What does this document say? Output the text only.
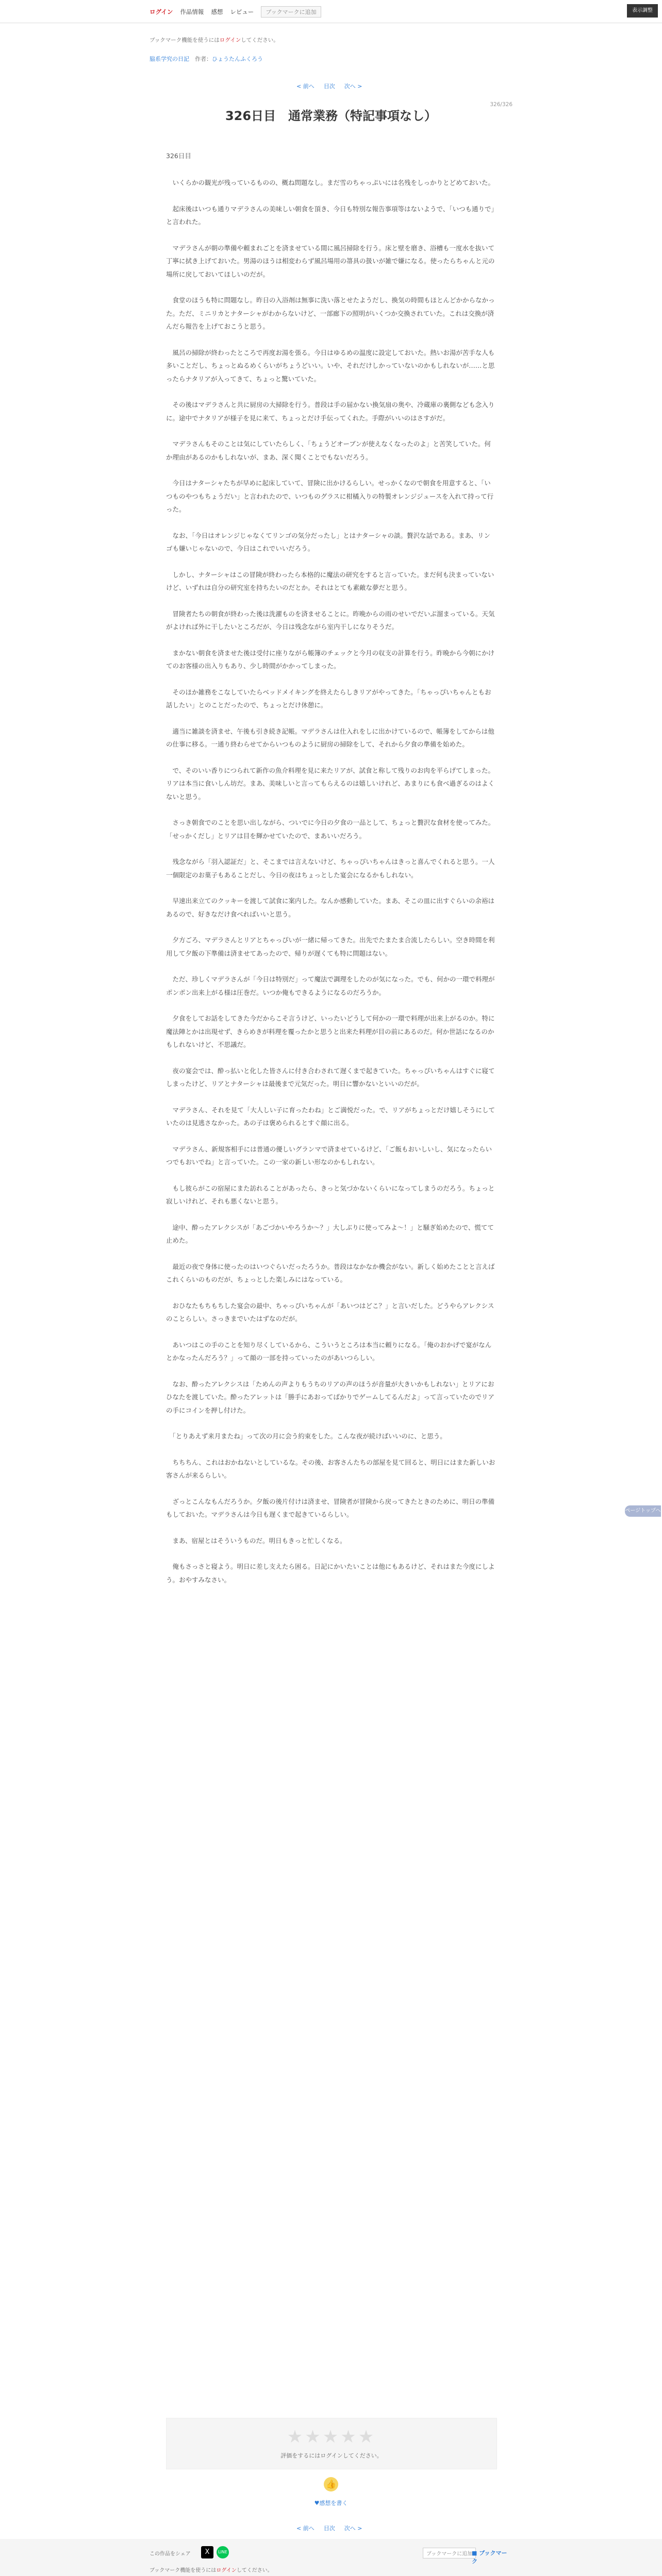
ログイン 作品情報 感想 レビュー	ブックマークに追加	表示調整
ブックマーク機能を使うにはログインしてください。
脇系学究の日記　 作者：ひょうたんふくろう
< 前へ 目次 次へ >
326/326
326日目　通常業務（特記事項なし）
326日目

　いくらかの観光が残っているものの、概ね問題なし。まだ雪のちゃっぷいには名残をしっかりとどめておいた。

　起床後はいつも通りマデラさんの美味しい朝食を頂き、今日も特別な報告事項等はないようで、「いつも通りで」と言われた。

　マデラさんが朝の準備や頼まれごとを済ませている間に風呂掃除を行う。床と壁を磨き、浴槽も一度水を抜いて丁寧に拭き上げておいた。男湯のほうは相変わらず風呂場用の箒具の扱いが雑で嫌になる。使ったらちゃんと元の場所に戻しておいてほしいのだが。

　食堂のほうも特に問題なし。昨日の入浴剤は無事に洗い落とせたようだし、換気の時間もほとんどかからなかった。ただ、ミニリカとナターシャがわからないけど、一部廊下の照明がいくつか交換されていた。これは交換が済んだら報告を上げておこうと思う。

　風呂の掃除が終わったところで再度お湯を張る。今日はゆるめの温度に設定しておいた。熱いお湯が苦手な人も多いことだし、ちょっとぬるめくらいがちょうどいい。いや、それだけしかっていないのかもしれないが……と思ったらナタリアが入ってきて、ちょっと驚いていた。

　その後はマデラさんと共に厨房の大掃除を行う。普段は手の届かない換気扇の奥や、冷蔵庫の裏側なども念入りに。途中でナタリアが様子を見に来て、ちょっとだけ手伝ってくれた。手際がいいのはさすがだ。

　マデラさんもそのことは気にしていたらしく、「ちょうどオーブンが使えなくなったのよ」と苦笑していた。何か理由があるのかもしれないが、まあ、深く聞くことでもないだろう。

　今日はナターシャたちが早めに起床していて、冒険に出かけるらしい。せっかくなので朝食を用意すると、「いつものやつもちょうだい」と言われたので、いつものグラスに柑橘入りの特製オレンジジュースを入れて持って行った。

　なお、「今日はオレンジじゃなくてリンゴの気分だったし」とはナターシャの談。贅沢な話である。まあ、リンゴも嫌いじゃないので、今日はこれでいいだろう。

　しかし、ナターシャはこの冒険が終わったら本格的に魔法の研究をすると言っていた。まだ何も決まっていないけど、いずれは自分の研究室を持ちたいのだとか。それはとても素敵な夢だと思う。

　冒険者たちの朝食が終わった後は洗濯ものを済ませることに。昨晩からの雨のせいでだいぶ溜まっている。天気がよければ外に干したいところだが、今日は残念ながら室内干しになりそうだ。

　まかない朝食を済ませた後は受付に座りながら帳簿のチェックと今月の収支の計算を行う。昨晩から今朝にかけてのお客様の出入りもあり、少し時間がかかってしまった。

　そのほか雑務をこなしていたらベッドメイキングを終えたらしきリアがやってきた。「ちゃっぴいちゃんともお話したい」とのことだったので、ちょっとだけ休憩に。

　適当に雑談を済ませ、午後も引き続き記帳。マデラさんは仕入れをしに出かけているので、帳簿をしてからは他の仕事に移る。一通り終わらせてからいつものように厨房の掃除をして、それから夕食の準備を始めた。

　で、そのいい香りにつられて新作の魚介料理を見に来たリアが、試食と称して残りのお肉を平らげてしまった。リアは本当に食いしん坊だ。まあ、美味しいと言ってもらえるのは嬉しいけれど、あまりにも食べ過ぎるのはよくないと思う。

　さっき朝食でのことを思い出しながら、ついでに今日の夕食の一品として、ちょっと贅沢な食材を使ってみた。「せっかくだし」とリアは目を輝かせていたので、まあいいだろう。

　残念ながら「羽入認証だ」と、そこまでは言えないけど、ちゃっぴいちゃんはきっと喜んでくれると思う。一人一個限定のお菓子もあることだし、今日の夜はちょっとした宴会になるかもしれない。

　早速出来立てのクッキーを渡して試食に案内した。なんか感動していた。まあ、そこの皿に出すぐらいの余裕はあるので、好きなだけ食べればいいと思う。

　夕方ごろ、マデラさんとリアとちゃっぴいが一緒に帰ってきた。出先でたまたま合流したらしい。空き時間を利用して夕飯の下準備は済ませてあったので、帰りが遅くても特に問題はない。

　ただ、珍しくマデラさんが「今日は特別だ」って魔法で調理をしたのが気になった。でも、何かの一環で料理がポンポン出来上がる様は圧巻だ。いつか俺もできるようになるのだろうか。

　夕食をしてお話をしてきた今だからこそ言うけど、いったいどうして何かの一環で料理が出来上がるのか。特に魔法陣とかは出現せず、きらめきが料理を覆ったかと思うと出来た料理が目の前にあるのだ。何か世話になるのかもしれないけど、不思議だ。

　夜の宴会では、酔っ払いと化した皆さんに付き合わされて遅くまで起きていた。ちゃっぴいちゃんはすぐに寝てしまったけど、リアとナターシャは最後まで元気だった。明日に響かないといいのだが。

　マデラさん、それを見て「大人しい子に育ったわね」とご満悦だった。で、リアがちょっとだけ嬉しそうにしていたのは見逃さなかった。あの子は褒められるとすぐ顔に出る。

　マデラさん、新規客相手には普通の優しいグランマで済ませているけど、「ご飯もおいしいし、気になったらいつでもおいでね」と言っていた。この一家の新しい形なのかもしれない。

　もし彼らがこの宿屋にまた訪れることがあったら、きっと気づかないくらいになってしまうのだろう。ちょっと寂しいけれど、それも悪くないと思う。

　途中、酔ったアレクシスが「あごづかいやろうか〜？」大しぶりに使ってみよ〜！」と騒ぎ始めたので、慌てて止めた。

　最近の夜で身体に使ったのはいつぐらいだったろうか。普段はなかなか機会がない。新しく始めたことと言えばこれくらいのものだが、ちょっとした楽しみにはなっている。

　おひなたもちもちした宴会の最中、ちゃっぴいちゃんが「あいつはどこ？」と言いだした。どうやらアレクシスのことらしい。さっきまでいたはずなのだが。

　あいつはこの手のことを知り尽くしているから、こういうところは本当に頼りになる。「俺のおかげで宴がなんとかなったんだろう？」って顔の一部を持っていったのがあいつらしい。

　なお、酔ったアレクシスは「ためんの声よりもうちのリアの声のほうが音量が大きいかもしれない」とリアにおひなたを渡していた。酔ったアレットは「勝手にあおってばかりでゲームしてるんだよ」って言っていたのでリアの手にコインを押し付けた。

　「とりあえず来月またね」って次の月に会う約束をした。こんな夜が続けばいいのに、と思う。

　ちちちん、これはおかねないとしているな。その後、お客さんたちの部屋を見て回ると、明日にはまた新しいお客さんが来るらしい。

　ざっとこんなもんだろうか。夕飯の後片付けは済ませ、冒険者が冒険から戻ってきたときのために、明日の準備もしておいた。マデラさんは今日も遅くまで起きているらしい。

　まあ、宿屋とはそういうものだ。明日もきっと忙しくなる。

　俺もさっさと寝よう。明日に差し支えたら困る。日記にかいたいことは他にもあるけど、それはまた今度にしよう。おやすみなさい。

ページトップへ
★★★★★
評価をするにはログインしてください。
👍
♥感想を書く
< 前へ 目次 次へ >
この作品をシェア	X	LINE	ブックマークに追加
■ ブックマーク
ブックマーク機能を使うにはログインしてください。
